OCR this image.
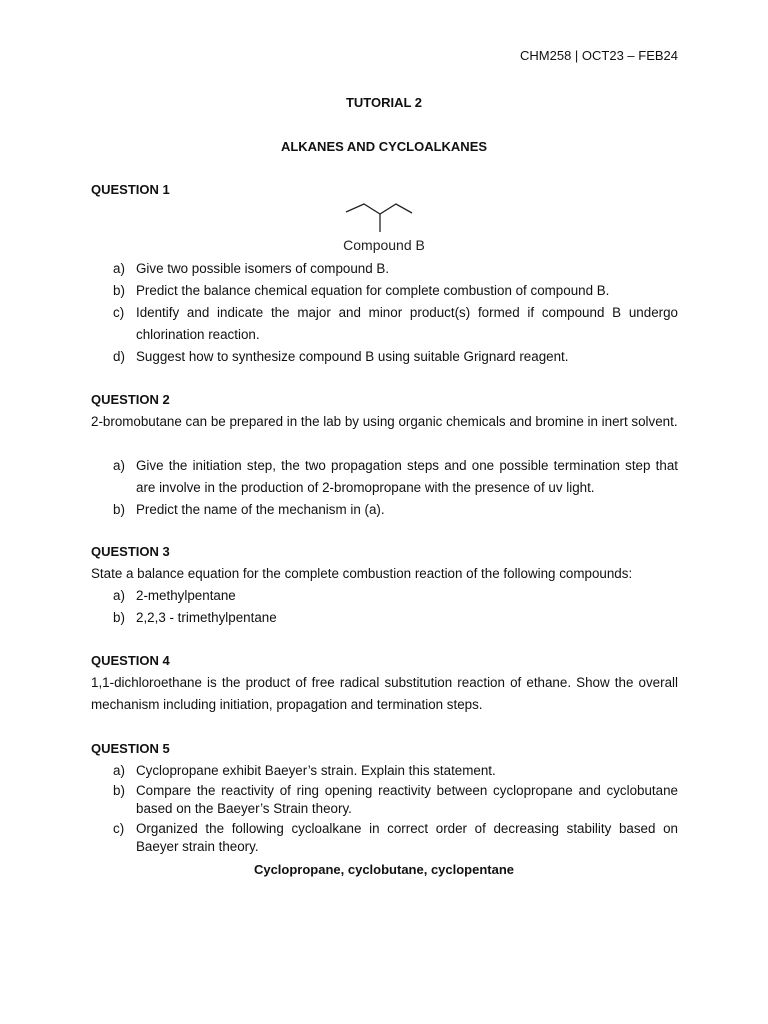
CHM258 | OCT23 – FEB24
TUTORIAL 2
ALKANES AND CYCLOALKANES
QUESTION 1
Compound B
a) Give two possible isomers of compound B.
b) Predict the balance chemical equation for complete combustion of compound B.
c) Identify and indicate the major and minor product(s) formed if compound B undergo chlorination reaction.
d) Suggest how to synthesize compound B using suitable Grignard reagent.
QUESTION 2
2-bromobutane can be prepared in the lab by using organic chemicals and bromine in inert solvent.
a) Give the initiation step, the two propagation steps and one possible termination step that are involve in the production of 2-bromopropane with the presence of uv light.
b) Predict the name of the mechanism in (a).
QUESTION 3
State a balance equation for the complete combustion reaction of the following compounds:
a) 2-methylpentane
b) 2,2,3 - trimethylpentane
QUESTION 4
1,1-dichloroethane is the product of free radical substitution reaction of ethane. Show the overall mechanism including initiation, propagation and termination steps.
QUESTION 5
a) Cyclopropane exhibit Baeyer’s strain. Explain this statement.
b) Compare the reactivity of ring opening reactivity between cyclopropane and cyclobutane based on the Baeyer’s Strain theory.
c) Organized the following cycloalkane in correct order of decreasing stability based on Baeyer strain theory.
Cyclopropane, cyclobutane, cyclopentane
